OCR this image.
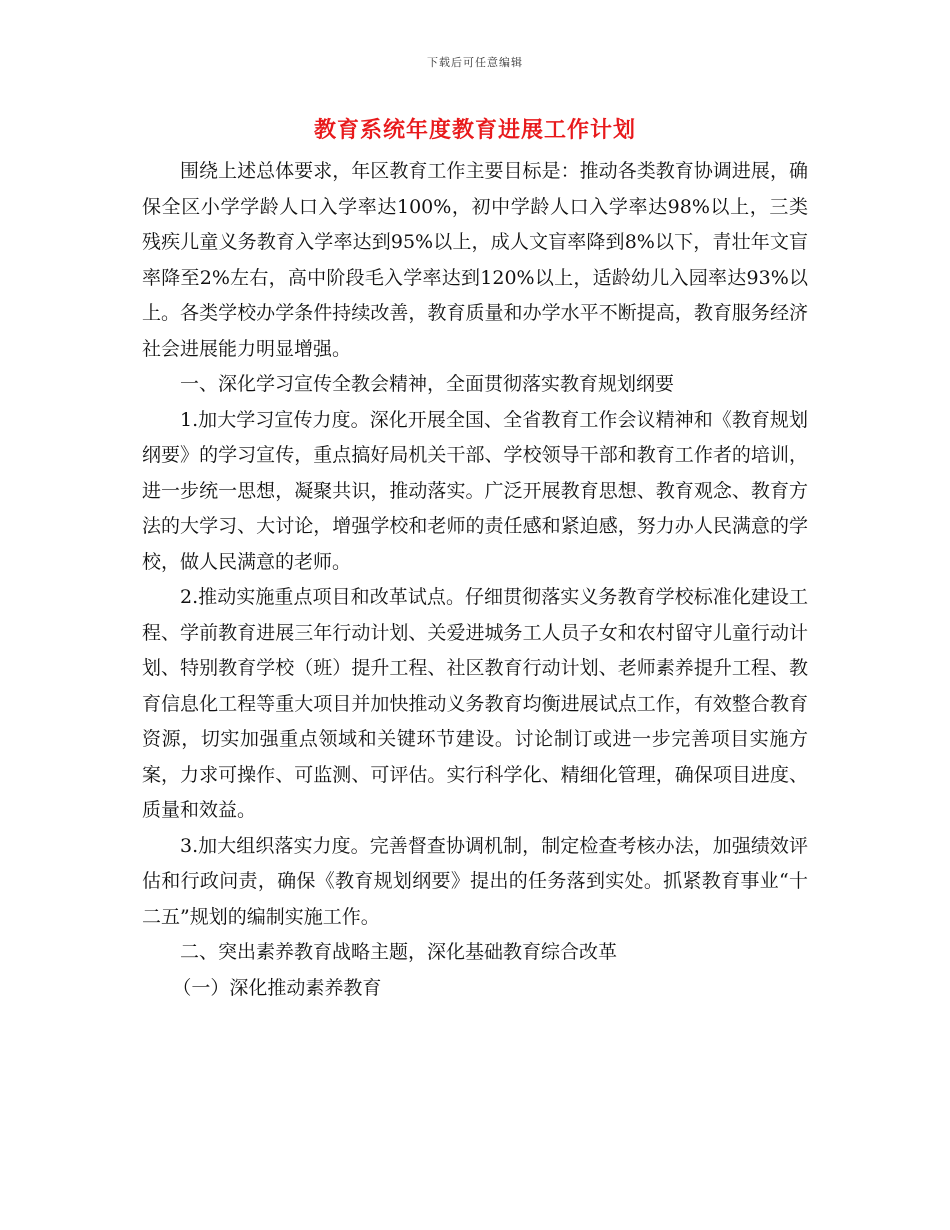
下载后可任意编辑
教育系统年度教育进展工作计划

围绕上述总体要求，年区教育工作主要目标是：推动各类教育协调进展，确保全区小学学龄人口入学率达100%，初中学龄人口入学率达98%以上，三类残疾儿童义务教育入学率达到95%以上，成人文盲率降到8%以下，青壮年文盲率降至2%左右，高中阶段毛入学率达到120%以上，适龄幼儿入园率达93%以上。各类学校办学条件持续改善，教育质量和办学水平不断提高，教育服务经济社会进展能力明显增强。

一、深化学习宣传全教会精神，全面贯彻落实教育规划纲要

1.加大学习宣传力度。深化开展全国、全省教育工作会议精神和《教育规划纲要》的学习宣传，重点搞好局机关干部、学校领导干部和教育工作者的培训，进一步统一思想，凝聚共识，推动落实。广泛开展教育思想、教育观念、教育方法的大学习、大讨论，增强学校和老师的责任感和紧迫感，努力办人民满意的学校，做人民满意的老师。

2.推动实施重点项目和改革试点。仔细贯彻落实义务教育学校标准化建设工程、学前教育进展三年行动计划、关爱进城务工人员子女和农村留守儿童行动计划、特别教育学校（班）提升工程、社区教育行动计划、老师素养提升工程、教育信息化工程等重大项目并加快推动义务教育均衡进展试点工作，有效整合教育资源，切实加强重点领域和关键环节建设。讨论制订或进一步完善项目实施方案，力求可操作、可监测、可评估。实行科学化、精细化管理，确保项目进度、质量和效益。

3.加大组织落实力度。完善督查协调机制，制定检查考核办法，加强绩效评估和行政问责，确保《教育规划纲要》提出的任务落到实处。抓紧教育事业“十二五”规划的编制实施工作。

二、突出素养教育战略主题，深化基础教育综合改革

（一）深化推动素养教育
